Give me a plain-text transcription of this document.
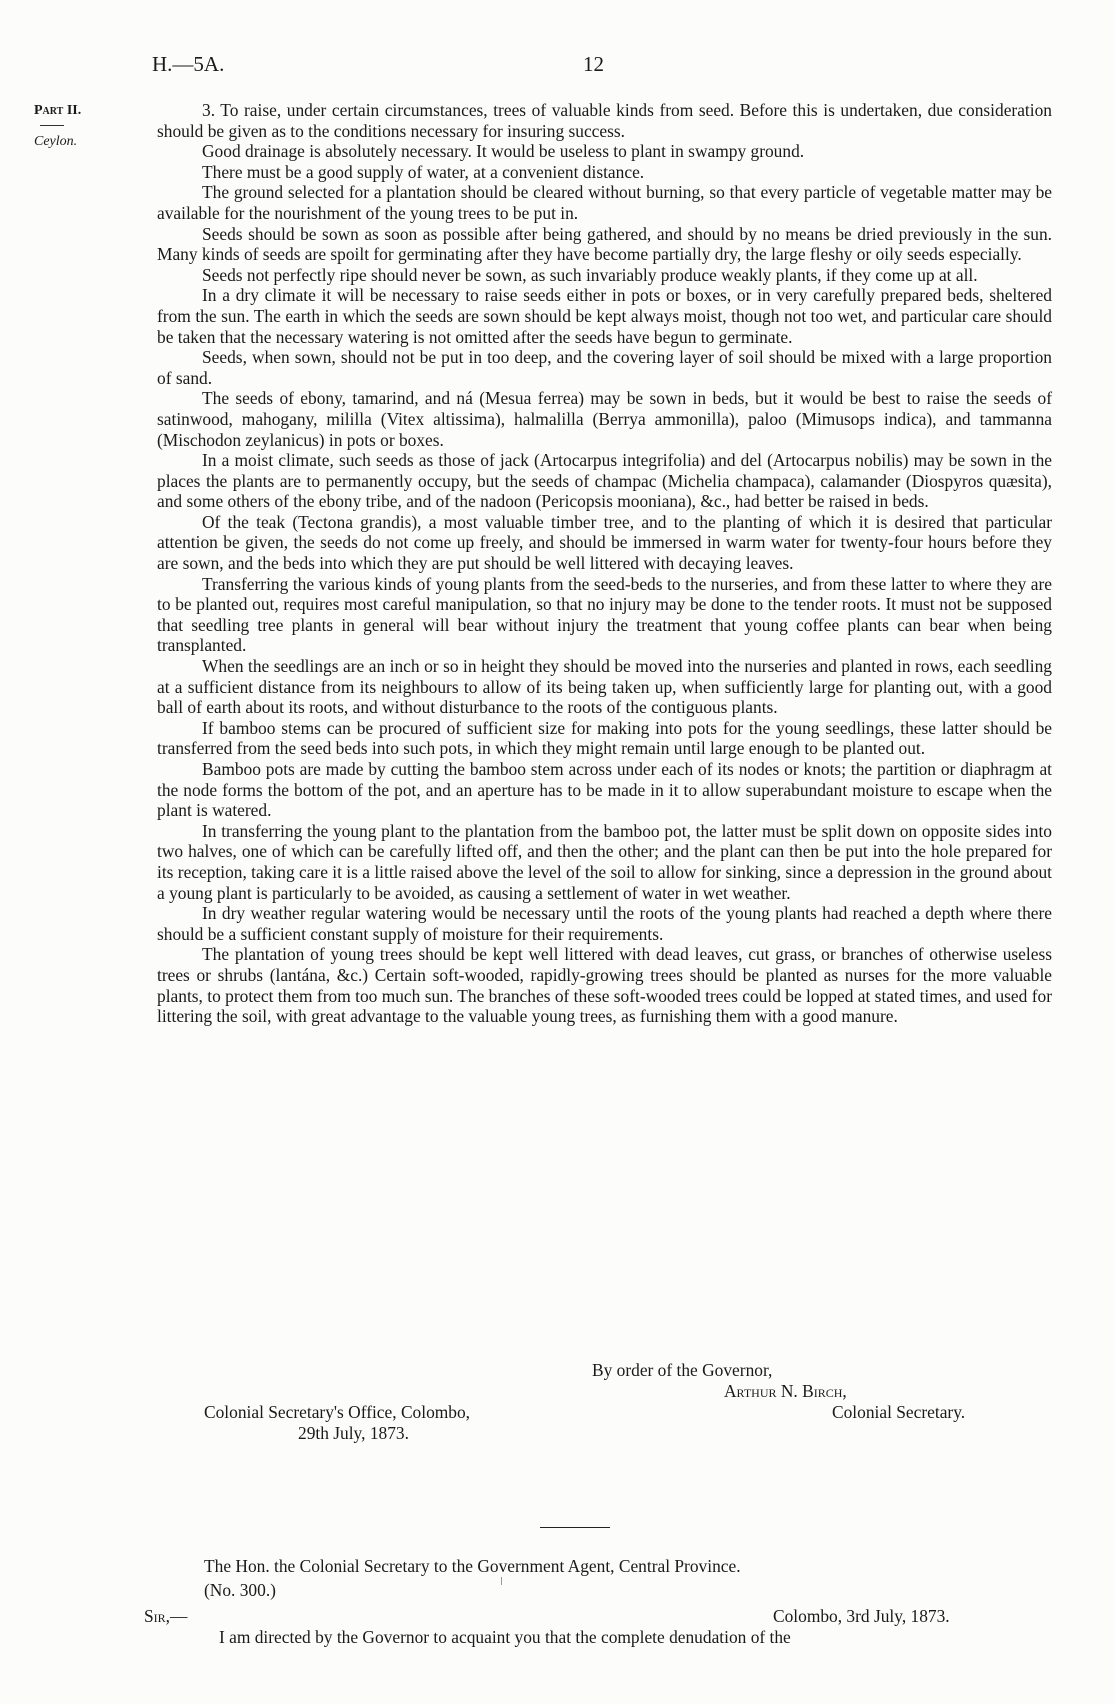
H.—5A.	12
Part II.
Ceylon.

3. To raise, under certain circumstances, trees of valuable kinds from seed. Before this is undertaken, due consideration should be given as to the conditions necessary for insuring success.

Good drainage is absolutely necessary. It would be useless to plant in swampy ground.

There must be a good supply of water, at a convenient distance.

The ground selected for a plantation should be cleared without burning, so that every particle of vegetable matter may be available for the nourishment of the young trees to be put in.

Seeds should be sown as soon as possible after being gathered, and should by no means be dried previously in the sun. Many kinds of seeds are spoilt for germinating after they have become partially dry, the large fleshy or oily seeds especially.

Seeds not perfectly ripe should never be sown, as such invariably produce weakly plants, if they come up at all.

In a dry climate it will be necessary to raise seeds either in pots or boxes, or in very carefully prepared beds, sheltered from the sun. The earth in which the seeds are sown should be kept always moist, though not too wet, and particular care should be taken that the necessary watering is not omitted after the seeds have begun to germinate.

Seeds, when sown, should not be put in too deep, and the covering layer of soil should be mixed with a large proportion of sand.

The seeds of ebony, tamarind, and ná (Mesua ferrea) may be sown in beds, but it would be best to raise the seeds of satinwood, mahogany, milillа (Vitex altissima), halmalilla (Berrya ammonilla), paloo (Mimusops indica), and tammanna (Mischodon zeylanicus) in pots or boxes.

In a moist climate, such seeds as those of jack (Artocarpus integrifolia) and del (Artocarpus nobilis) may be sown in the places the plants are to permanently occupy, but the seeds of champac (Michelia champaca), calamander (Diospyros quæsita), and some others of the ebony tribe, and of the nadoon (Pericopsis mooniana), &c., had better be raised in beds.

Of the teak (Tectona grandis), a most valuable timber tree, and to the planting of which it is desired that particular attention be given, the seeds do not come up freely, and should be immersed in warm water for twenty-four hours before they are sown, and the beds into which they are put should be well littered with decaying leaves.

Transferring the various kinds of young plants from the seed-beds to the nurseries, and from these latter to where they are to be planted out, requires most careful manipulation, so that no injury may be done to the tender roots. It must not be supposed that seedling tree plants in general will bear without injury the treatment that young coffee plants can bear when being transplanted.

When the seedlings are an inch or so in height they should be moved into the nurseries and planted in rows, each seedling at a sufficient distance from its neighbours to allow of its being taken up, when sufficiently large for planting out, with a good ball of earth about its roots, and without disturbance to the roots of the contiguous plants.

If bamboo stems can be procured of sufficient size for making into pots for the young seedlings, these latter should be transferred from the seed beds into such pots, in which they might remain until large enough to be planted out.

Bamboo pots are made by cutting the bamboo stem across under each of its nodes or knots; the partition or diaphragm at the node forms the bottom of the pot, and an aperture has to be made in it to allow superabundant moisture to escape when the plant is watered.

In transferring the young plant to the plantation from the bamboo pot, the latter must be split down on opposite sides into two halves, one of which can be carefully lifted off, and then the other; and the plant can then be put into the hole prepared for its reception, taking care it is a little raised above the level of the soil to allow for sinking, since a depression in the ground about a young plant is particularly to be avoided, as causing a settlement of water in wet weather.

In dry weather regular watering would be necessary until the roots of the young plants had reached a depth where there should be a sufficient constant supply of moisture for their requirements.

The plantation of young trees should be kept well littered with dead leaves, cut grass, or branches of otherwise useless trees or shrubs (lantána, &c.) Certain soft-wooded, rapidly-growing trees should be planted as nurses for the more valuable plants, to protect them from too much sun. The branches of these soft-wooded trees could be lopped at stated times, and used for littering the soil, with great advantage to the valuable young trees, as furnishing them with a good manure.

By order of the Governor,
Arthur N. Birch,
Colonial Secretary.
Colonial Secretary's Office, Colombo,
29th July, 1873.
The Hon. the Colonial Secretary to the Government Agent, Central Province.
(No. 300.)
Sir,—	Colombo, 3rd July, 1873.
I am directed by the Governor to acquaint you that the complete denudation of the
